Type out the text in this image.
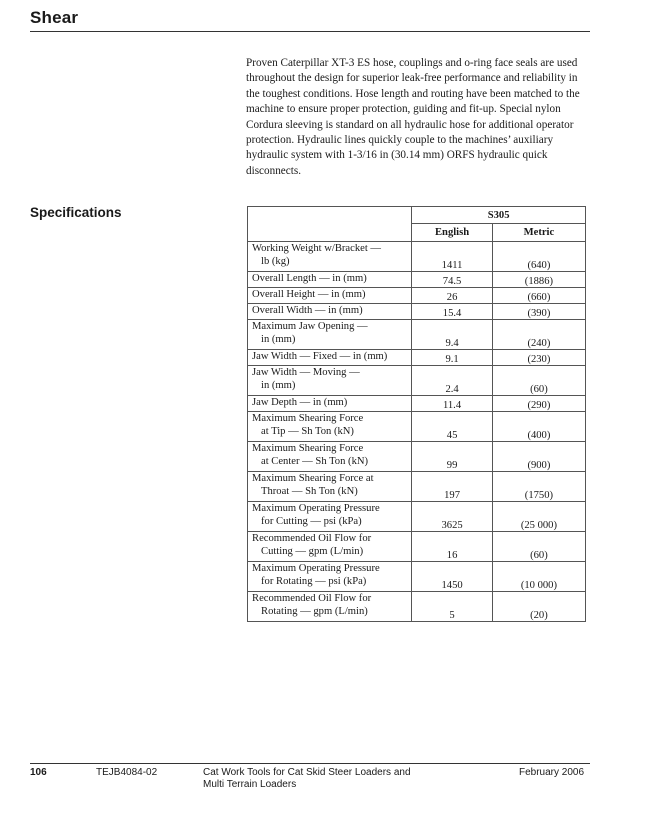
Shear

Proven Caterpillar XT-3 ES hose, couplings and o-ring face seals are used throughout the design for superior leak-free performance and reliability in the toughest conditions. Hose length and routing have been matched to the machine to ensure proper protection, guiding and fit-up. Special nylon Cordura sleeving is standard on all hydraulic hose for additional operator protection. Hydraulic lines quickly couple to the machines’ auxiliary hydraulic system with 1-3/16 in (30.14 mm) ORFS hydraulic quick disconnects.

Specifications
		S305	
	English	Metric

Working Weight w/Bracket —
lb (kg)	1411	(640)

Overall Length — in (mm)	74.5	(1886)

Overall Height — in (mm)	26	(660)

Overall Width — in (mm)	15.4	(390)

Maximum Jaw Opening —
in (mm)	9.4	(240)

Jaw Width — Fixed — in (mm)	9.1	(230)

Jaw Width — Moving —
in (mm)	2.4	(60)

Jaw Depth — in (mm)	11.4	(290)

Maximum Shearing Force
at Tip — Sh Ton (kN)	45	(400)

Maximum Shearing Force
at Center — Sh Ton (kN)	99	(900)

Maximum Shearing Force at
Throat — Sh Ton (kN)	197	(1750)

Maximum Operating Pressure
for Cutting — psi (kPa)	3625	(25 000)

Recommended Oil Flow for
Cutting — gpm (L/min)	16	(60)

Maximum Operating Pressure
for Rotating — psi (kPa)	1450	(10 000)

Recommended Oil Flow for
Rotating — gpm (L/min)	5	(20)
106	TEJB4084-02	Cat Work Tools for Cat Skid Steer Loaders and
Multi Terrain Loaders
February 2006
